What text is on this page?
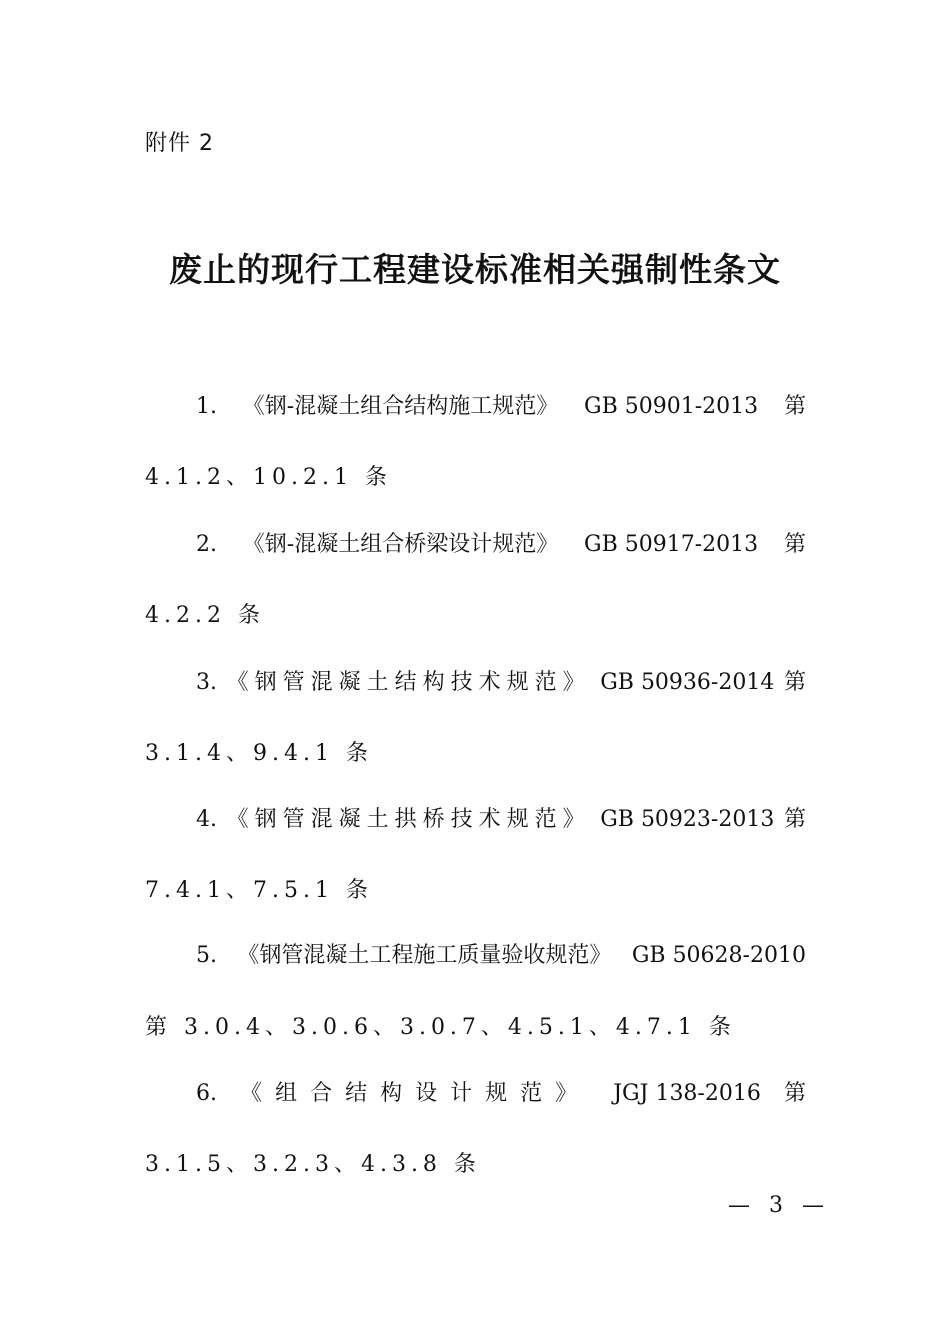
附件 2
废止的现行工程建设标准相关强制性条文
1. 《钢-混凝土组合结构施工规范》 GB 50901-2013 第
4.1.2、10.2.1 条
2. 《钢-混凝土组合桥梁设计规范》 GB 50917-2013 第
4.2.2 条
3. 《钢管混凝土结构技术规范》 GB 50936-2014 第
3.1.4、9.4.1 条
4. 《钢管混凝土拱桥技术规范》 GB 50923-2013 第
7.4.1、7.5.1 条
5. 《钢管混凝土工程施工质量验收规范》 GB 50628-2010
第 3.0.4、3.0.6、3.0.7、4.5.1、4.7.1 条
6. 《组合结构设计规范》 JGJ 138-2016 第
3.1.5、3.2.3、4.3.8 条
— 3 —
